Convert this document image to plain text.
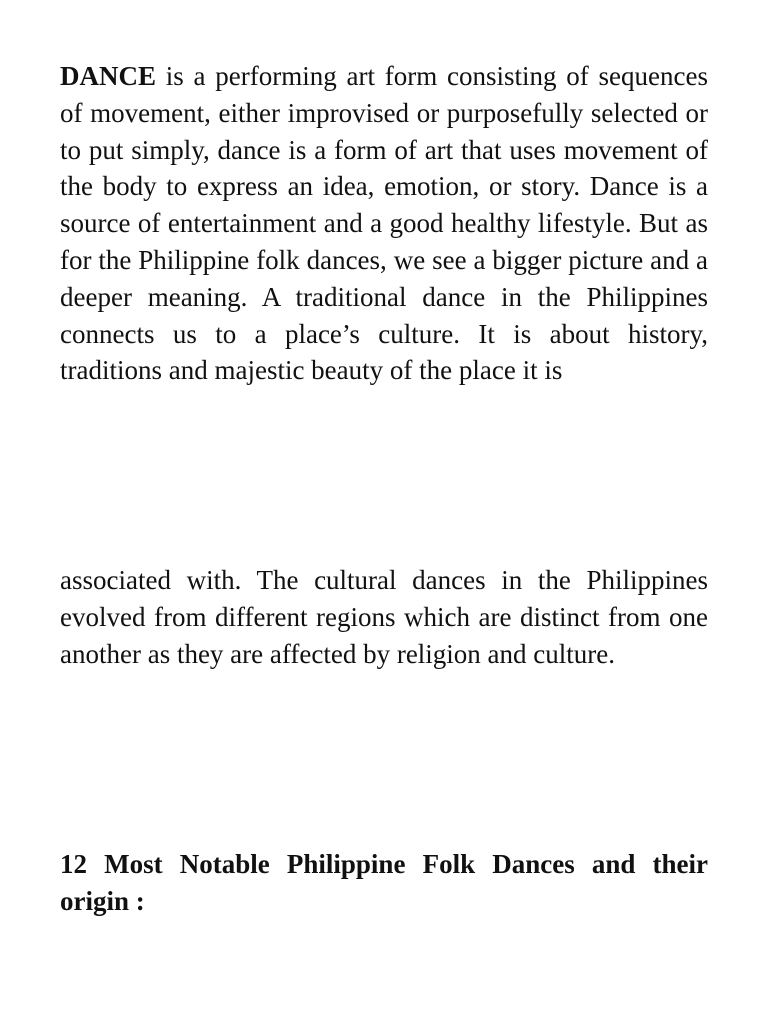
DANCE is a performing art form consisting of sequences of movement, either improvised or purposefully selected or to put simply, dance is a form of art that uses movement of the body to express an idea, emotion, or story. Dance is a source of entertainment and a good healthy lifestyle. But as for the Philippine folk dances, we see a bigger picture and a deeper meaning. A traditional dance in the Philippines connects us to a place’s culture. It is about history, traditions and majestic beauty of the place it is

associated with. The cultural dances in the Philippines evolved from different regions which are distinct from one another as they are affected by religion and culture.

12 Most Notable Philippine Folk Dances and their origin :
